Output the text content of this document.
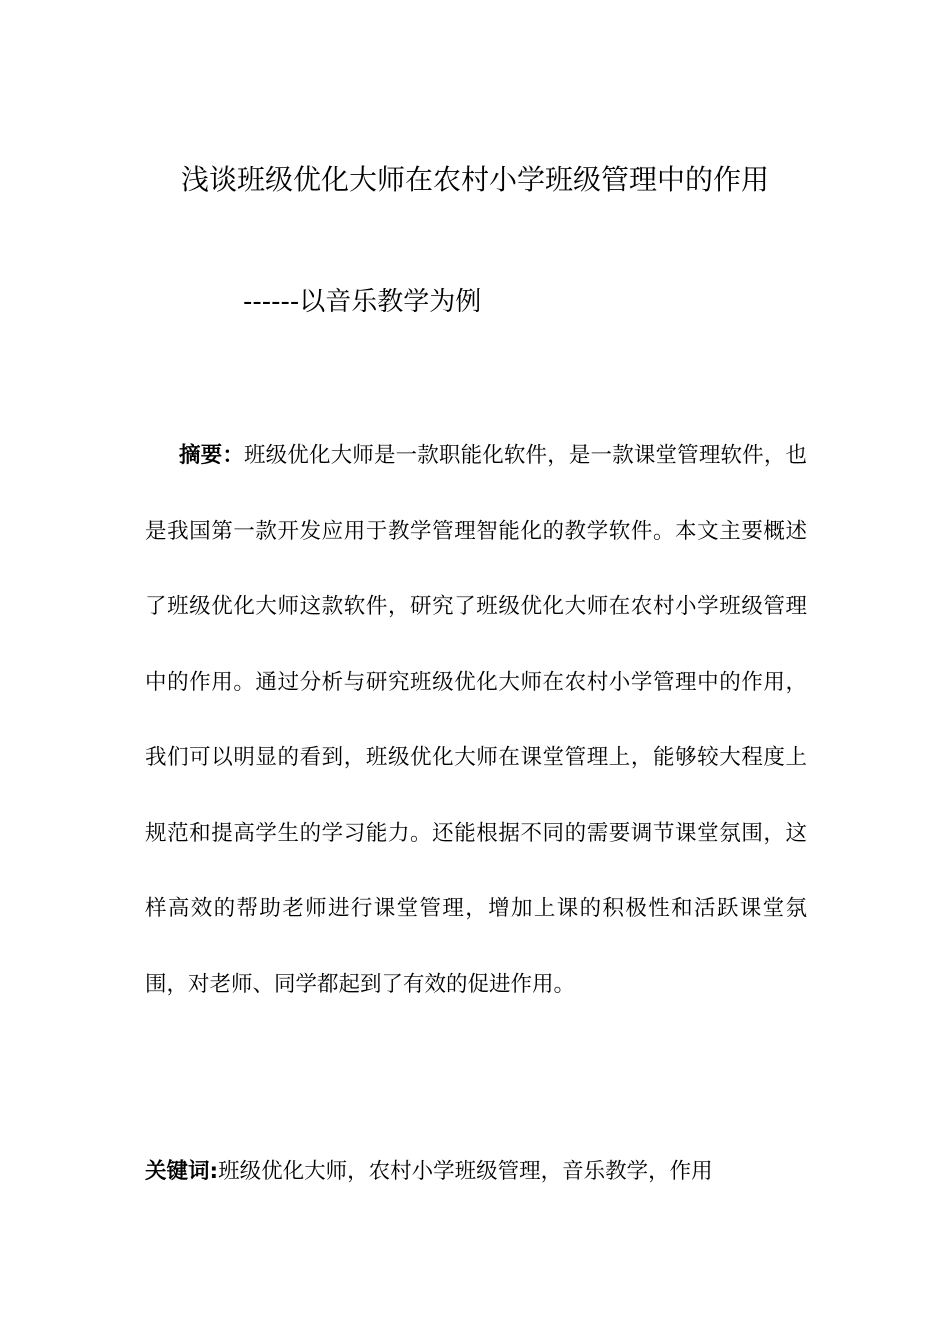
浅谈班级优化大师在农村小学班级管理中的作用
------以音乐教学为例

摘要：班级优化大师是一款职能化软件，是一款课堂管理软件，也是我国第一款开发应用于教学管理智能化的教学软件。本文主要概述了班级优化大师这款软件，研究了班级优化大师在农村小学班级管理中的作用。通过分析与研究班级优化大师在农村小学管理中的作用，我们可以明显的看到，班级优化大师在课堂管理上，能够较大程度上规范和提高学生的学习能力。还能根据不同的需要调节课堂氛围，这样高效的帮助老师进行课堂管理，增加上课的积极性和活跃课堂氛围，对老师、同学都起到了有效的促进作用。

关键词:班级优化大师，农村小学班级管理，音乐教学，作用
